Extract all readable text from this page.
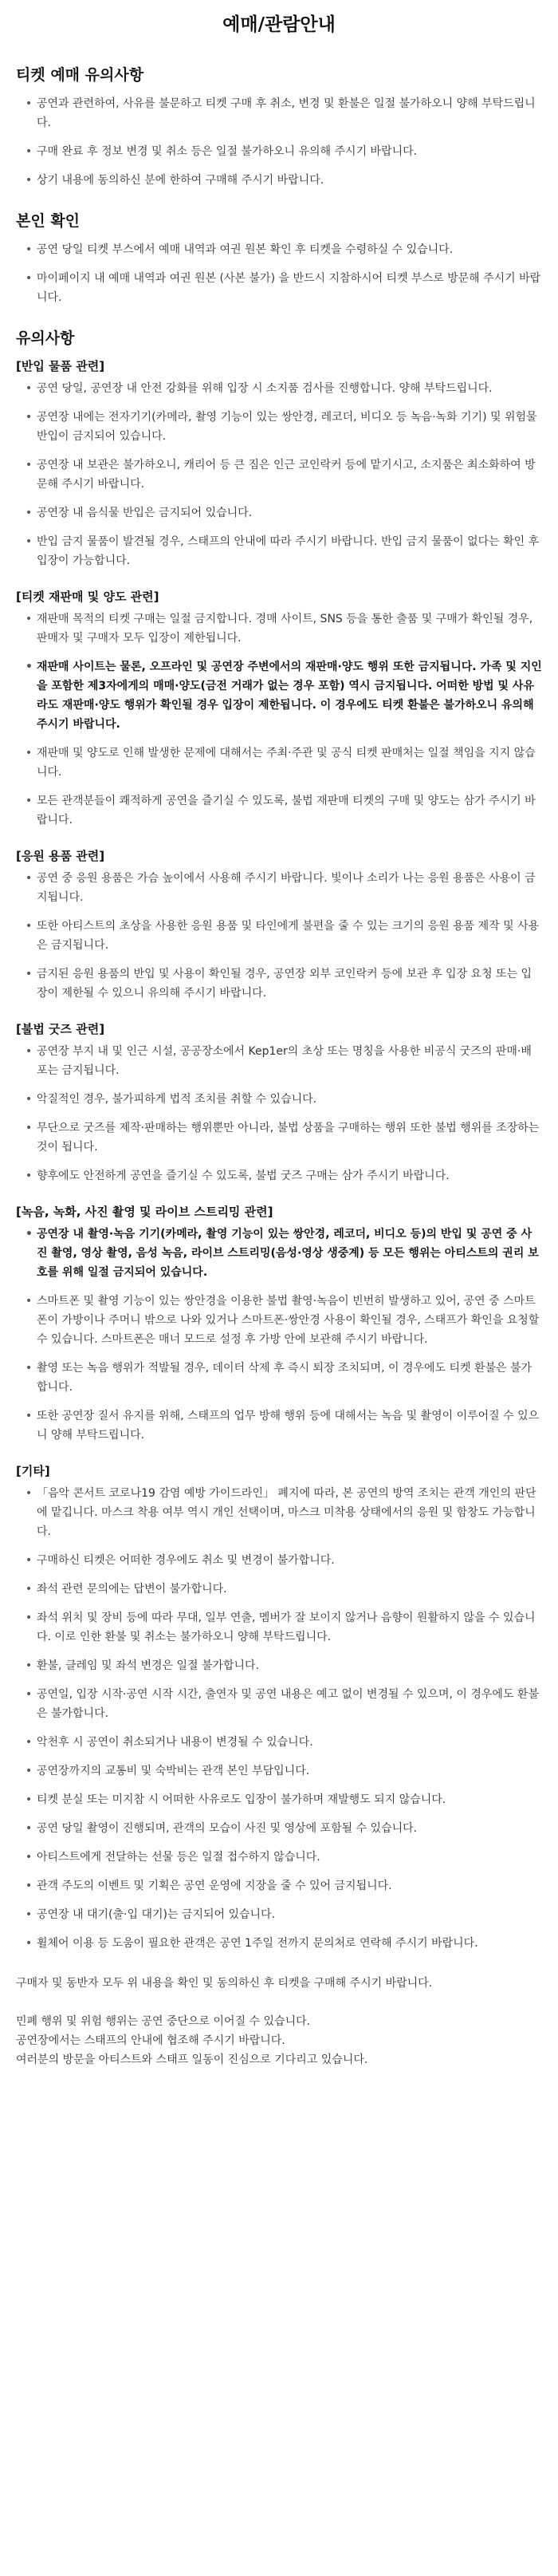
예매/관람안내
티켓 예매 유의사항
• 공연과 관련하여, 사유를 불문하고 티켓 구매 후 취소, 변경 및 환불은 일절 불가하오니 양해 부탁드립니다.
• 구매 완료 후 정보 변경 및 취소 등은 일절 불가하오니 유의해 주시기 바랍니다.
• 상기 내용에 동의하신 분에 한하여 구매해 주시기 바랍니다.
본인 확인
• 공연 당일 티켓 부스에서 예매 내역과 여권 원본 확인 후 티켓을 수령하실 수 있습니다.
• 마이페이지 내 예매 내역과 여권 원본 (사본 불가) 을 반드시 지참하시어 티켓 부스로 방문해 주시기 바랍니다.
유의사항
[반입 물품 관련]
• 공연 당일, 공연장 내 안전 강화를 위해 입장 시 소지품 검사를 진행합니다. 양해 부탁드립니다.
• 공연장 내에는 전자기기(카메라, 촬영 기능이 있는 쌍안경, 레코더, 비디오 등 녹음·녹화 기기) 및 위험물 반입이 금지되어 있습니다.
• 공연장 내 보관은 불가하오니, 캐리어 등 큰 짐은 인근 코인락커 등에 맡기시고, 소지품은 최소화하여 방문해 주시기 바랍니다.
• 공연장 내 음식물 반입은 금지되어 있습니다.
• 반입 금지 물품이 발견될 경우, 스태프의 안내에 따라 주시기 바랍니다. 반입 금지 물품이 없다는 확인 후 입장이 가능합니다.
[티켓 재판매 및 양도 관련]
• 재판매 목적의 티켓 구매는 일절 금지합니다. 경매 사이트, SNS 등을 통한 출품 및 구매가 확인될 경우, 판매자 및 구매자 모두 입장이 제한됩니다.
• 재판매 사이트는 물론, 오프라인 및 공연장 주변에서의 재판매·양도 행위 또한 금지됩니다. 가족 및 지인을 포함한 제3자에게의 매매·양도(금전 거래가 없는 경우 포함) 역시 금지됩니다. 어떠한 방법 및 사유라도 재판매·양도 행위가 확인될 경우 입장이 제한됩니다. 이 경우에도 티켓 환불은 불가하오니 유의해 주시기 바랍니다.
• 재판매 및 양도로 인해 발생한 문제에 대해서는 주최·주관 및 공식 티켓 판매처는 일절 책임을 지지 않습니다.
• 모든 관객분들이 쾌적하게 공연을 즐기실 수 있도록, 불법 재판매 티켓의 구매 및 양도는 삼가 주시기 바랍니다.
[응원 용품 관련]
• 공연 중 응원 용품은 가슴 높이에서 사용해 주시기 바랍니다. 빛이나 소리가 나는 응원 용품은 사용이 금지됩니다.
• 또한 아티스트의 초상을 사용한 응원 용품 및 타인에게 불편을 줄 수 있는 크기의 응원 용품 제작 및 사용은 금지됩니다.
• 금지된 응원 용품의 반입 및 사용이 확인될 경우, 공연장 외부 코인락커 등에 보관 후 입장 요청 또는 입장이 제한될 수 있으니 유의해 주시기 바랍니다.
[불법 굿즈 관련]
• 공연장 부지 내 및 인근 시설, 공공장소에서 Kep1er의 초상 또는 명칭을 사용한 비공식 굿즈의 판매·배포는 금지됩니다.
• 악질적인 경우, 불가피하게 법적 조치를 취할 수 있습니다.
• 무단으로 굿즈를 제작·판매하는 행위뿐만 아니라, 불법 상품을 구매하는 행위 또한 불법 행위를 조장하는 것이 됩니다.
• 향후에도 안전하게 공연을 즐기실 수 있도록, 불법 굿즈 구매는 삼가 주시기 바랍니다.
[녹음, 녹화, 사진 촬영 및 라이브 스트리밍 관련]
• 공연장 내 촬영·녹음 기기(카메라, 촬영 기능이 있는 쌍안경, 레코더, 비디오 등)의 반입 및 공연 중 사진 촬영, 영상 촬영, 음성 녹음, 라이브 스트리밍(음성·영상 생중계) 등 모든 행위는 아티스트의 권리 보호를 위해 일절 금지되어 있습니다.
• 스마트폰 및 촬영 기능이 있는 쌍안경을 이용한 불법 촬영·녹음이 빈번히 발생하고 있어, 공연 중 스마트폰이 가방이나 주머니 밖으로 나와 있거나 스마트폰·쌍안경 사용이 확인될 경우, 스태프가 확인을 요청할 수 있습니다. 스마트폰은 매너 모드로 설정 후 가방 안에 보관해 주시기 바랍니다.
• 촬영 또는 녹음 행위가 적발될 경우, 데이터 삭제 후 즉시 퇴장 조치되며, 이 경우에도 티켓 환불은 불가합니다.
• 또한 공연장 질서 유지를 위해, 스태프의 업무 방해 행위 등에 대해서는 녹음 및 촬영이 이루어질 수 있으니 양해 부탁드립니다.
[기타]
• 「음악 콘서트 코로나19 감염 예방 가이드라인」 폐지에 따라, 본 공연의 방역 조치는 관객 개인의 판단에 맡깁니다. 마스크 착용 여부 역시 개인 선택이며, 마스크 미착용 상태에서의 응원 및 함창도 가능합니다.
• 구매하신 티켓은 어떠한 경우에도 취소 및 변경이 불가합니다.
• 좌석 관련 문의에는 답변이 불가합니다.
• 좌석 위치 및 장비 등에 따라 무대, 일부 연출, 멤버가 잘 보이지 않거나 음향이 원활하지 않을 수 있습니다. 이로 인한 환불 및 취소는 불가하오니 양해 부탁드립니다.
• 환불, 클레임 및 좌석 변경은 일절 불가합니다.
• 공연일, 입장 시작·공연 시작 시간, 출연자 및 공연 내용은 예고 없이 변경될 수 있으며, 이 경우에도 환불은 불가합니다.
• 악천후 시 공연이 취소되거나 내용이 변경될 수 있습니다.
• 공연장까지의 교통비 및 숙박비는 관객 본인 부담입니다.
• 티켓 분실 또는 미지참 시 어떠한 사유로도 입장이 불가하며 재발행도 되지 않습니다.
• 공연 당일 촬영이 진행되며, 관객의 모습이 사진 및 영상에 포함될 수 있습니다.
• 아티스트에게 전달하는 선물 등은 일절 접수하지 않습니다.
• 관객 주도의 이벤트 및 기획은 공연 운영에 지장을 줄 수 있어 금지됩니다.
• 공연장 내 대기(출·입 대기)는 금지되어 있습니다.
• 휠체어 이용 등 도움이 필요한 관객은 공연 1주일 전까지 문의처로 연락해 주시기 바랍니다.

구매자 및 동반자 모두 위 내용을 확인 및 동의하신 후 티켓을 구매해 주시기 바랍니다.

민폐 행위 및 위험 행위는 공연 중단으로 이어질 수 있습니다.

공연장에서는 스태프의 안내에 협조해 주시기 바랍니다.

여러분의 방문을 아티스트와 스태프 일동이 진심으로 기다리고 있습니다.
